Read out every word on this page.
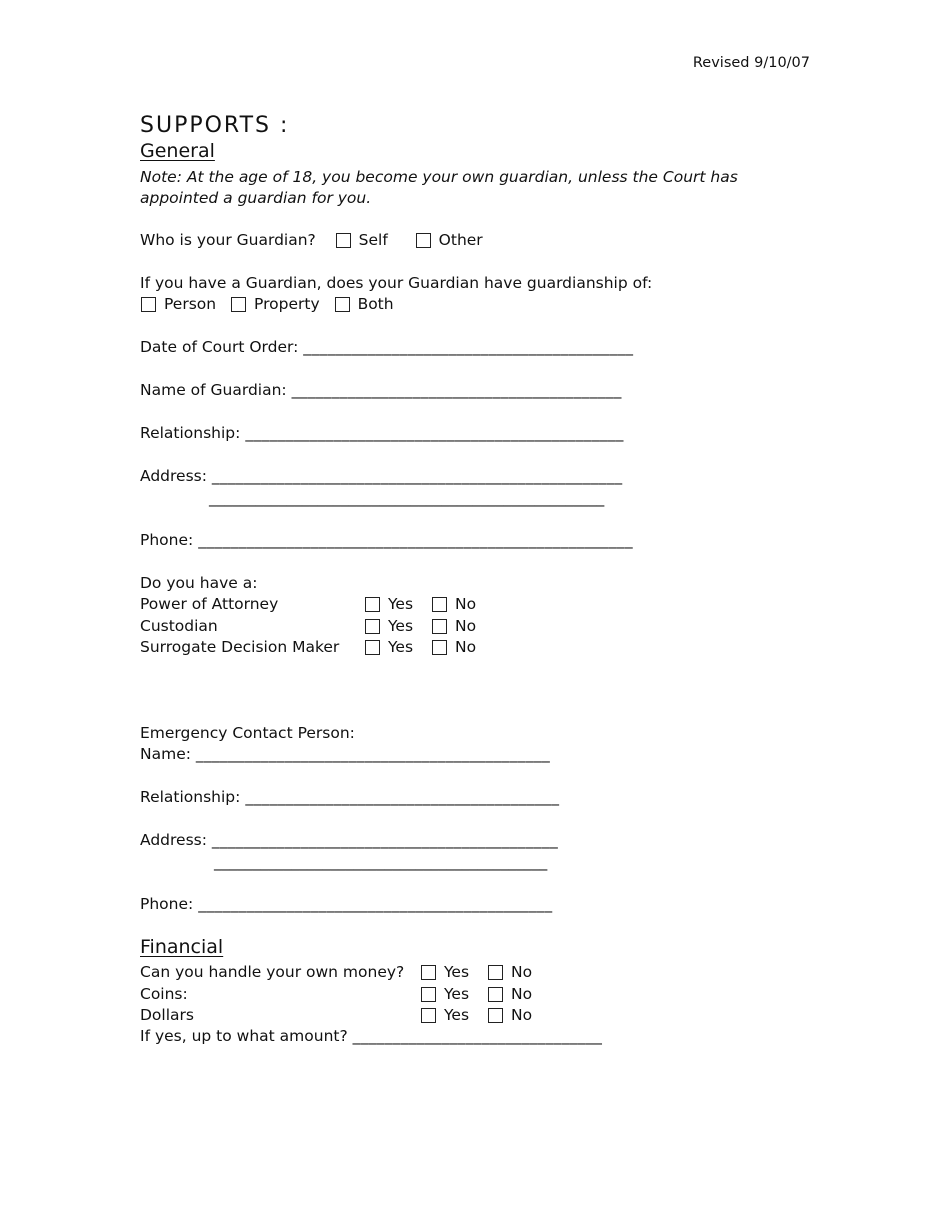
Revised 9/10/07
SUPPORTS :
General
Note: At the age of 18, you become your own guardian, unless the Court has appointed a guardian for you.
Who is your Guardian?	Self	Other
If you have a Guardian, does your Guardian have guardianship of:
Person Property Both
Date of Court Order: _________________________________________
Name of Guardian: _________________________________________
Relationship: _______________________________________________
Address: ___________________________________________________
___________________________________________________
Phone: ______________________________________________________
Do you have a:
Power of Attorney	Yes	No
Custodian	Yes	No
Surrogate Decision Maker	Yes	No
Emergency Contact Person:
Name: ____________________________________________
Relationship: _______________________________________
Address: ___________________________________________
___________________________________________
Phone: ____________________________________________
Financial
Can you handle your own money?	Yes	No
Coins:	Yes	No
Dollars	Yes	No
If yes, up to what amount? _______________________________
